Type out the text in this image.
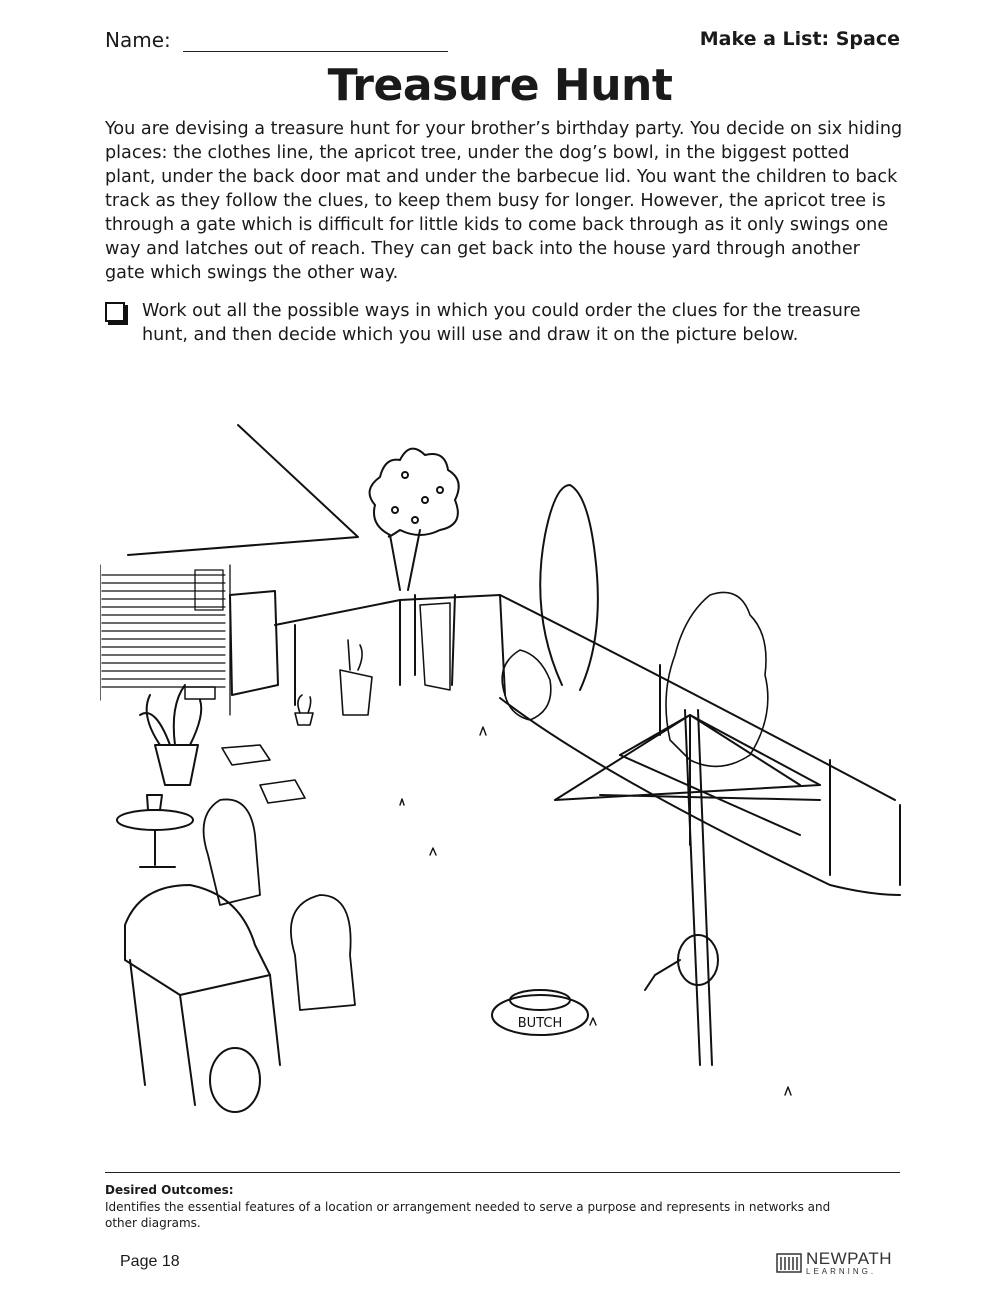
Name:	Make a List: Space
Treasure Hunt

You are devising a treasure hunt for your brother’s birthday party. You decide on six hiding places: the clothes line, the apricot tree, under the dog’s bowl, in the biggest potted plant, under the back door mat and under the barbecue lid. You want the children to back track as they follow the clues, to keep them busy for longer. However, the apricot tree is through a gate which is difficult for little kids to come back through as it only swings one way and latches out of reach. They can get back into the house yard through another gate which swings the other way.

Work out all the possible ways in which you could order the clues for the treasure hunt, and then decide which you will use and draw it on the picture below.

BUTCH
Desired Outcomes:

Identifies the essential features of a location or arrangement needed to serve a purpose and represents in networks and other diagrams.

Page 18	NEWPATH
LEARNING.
